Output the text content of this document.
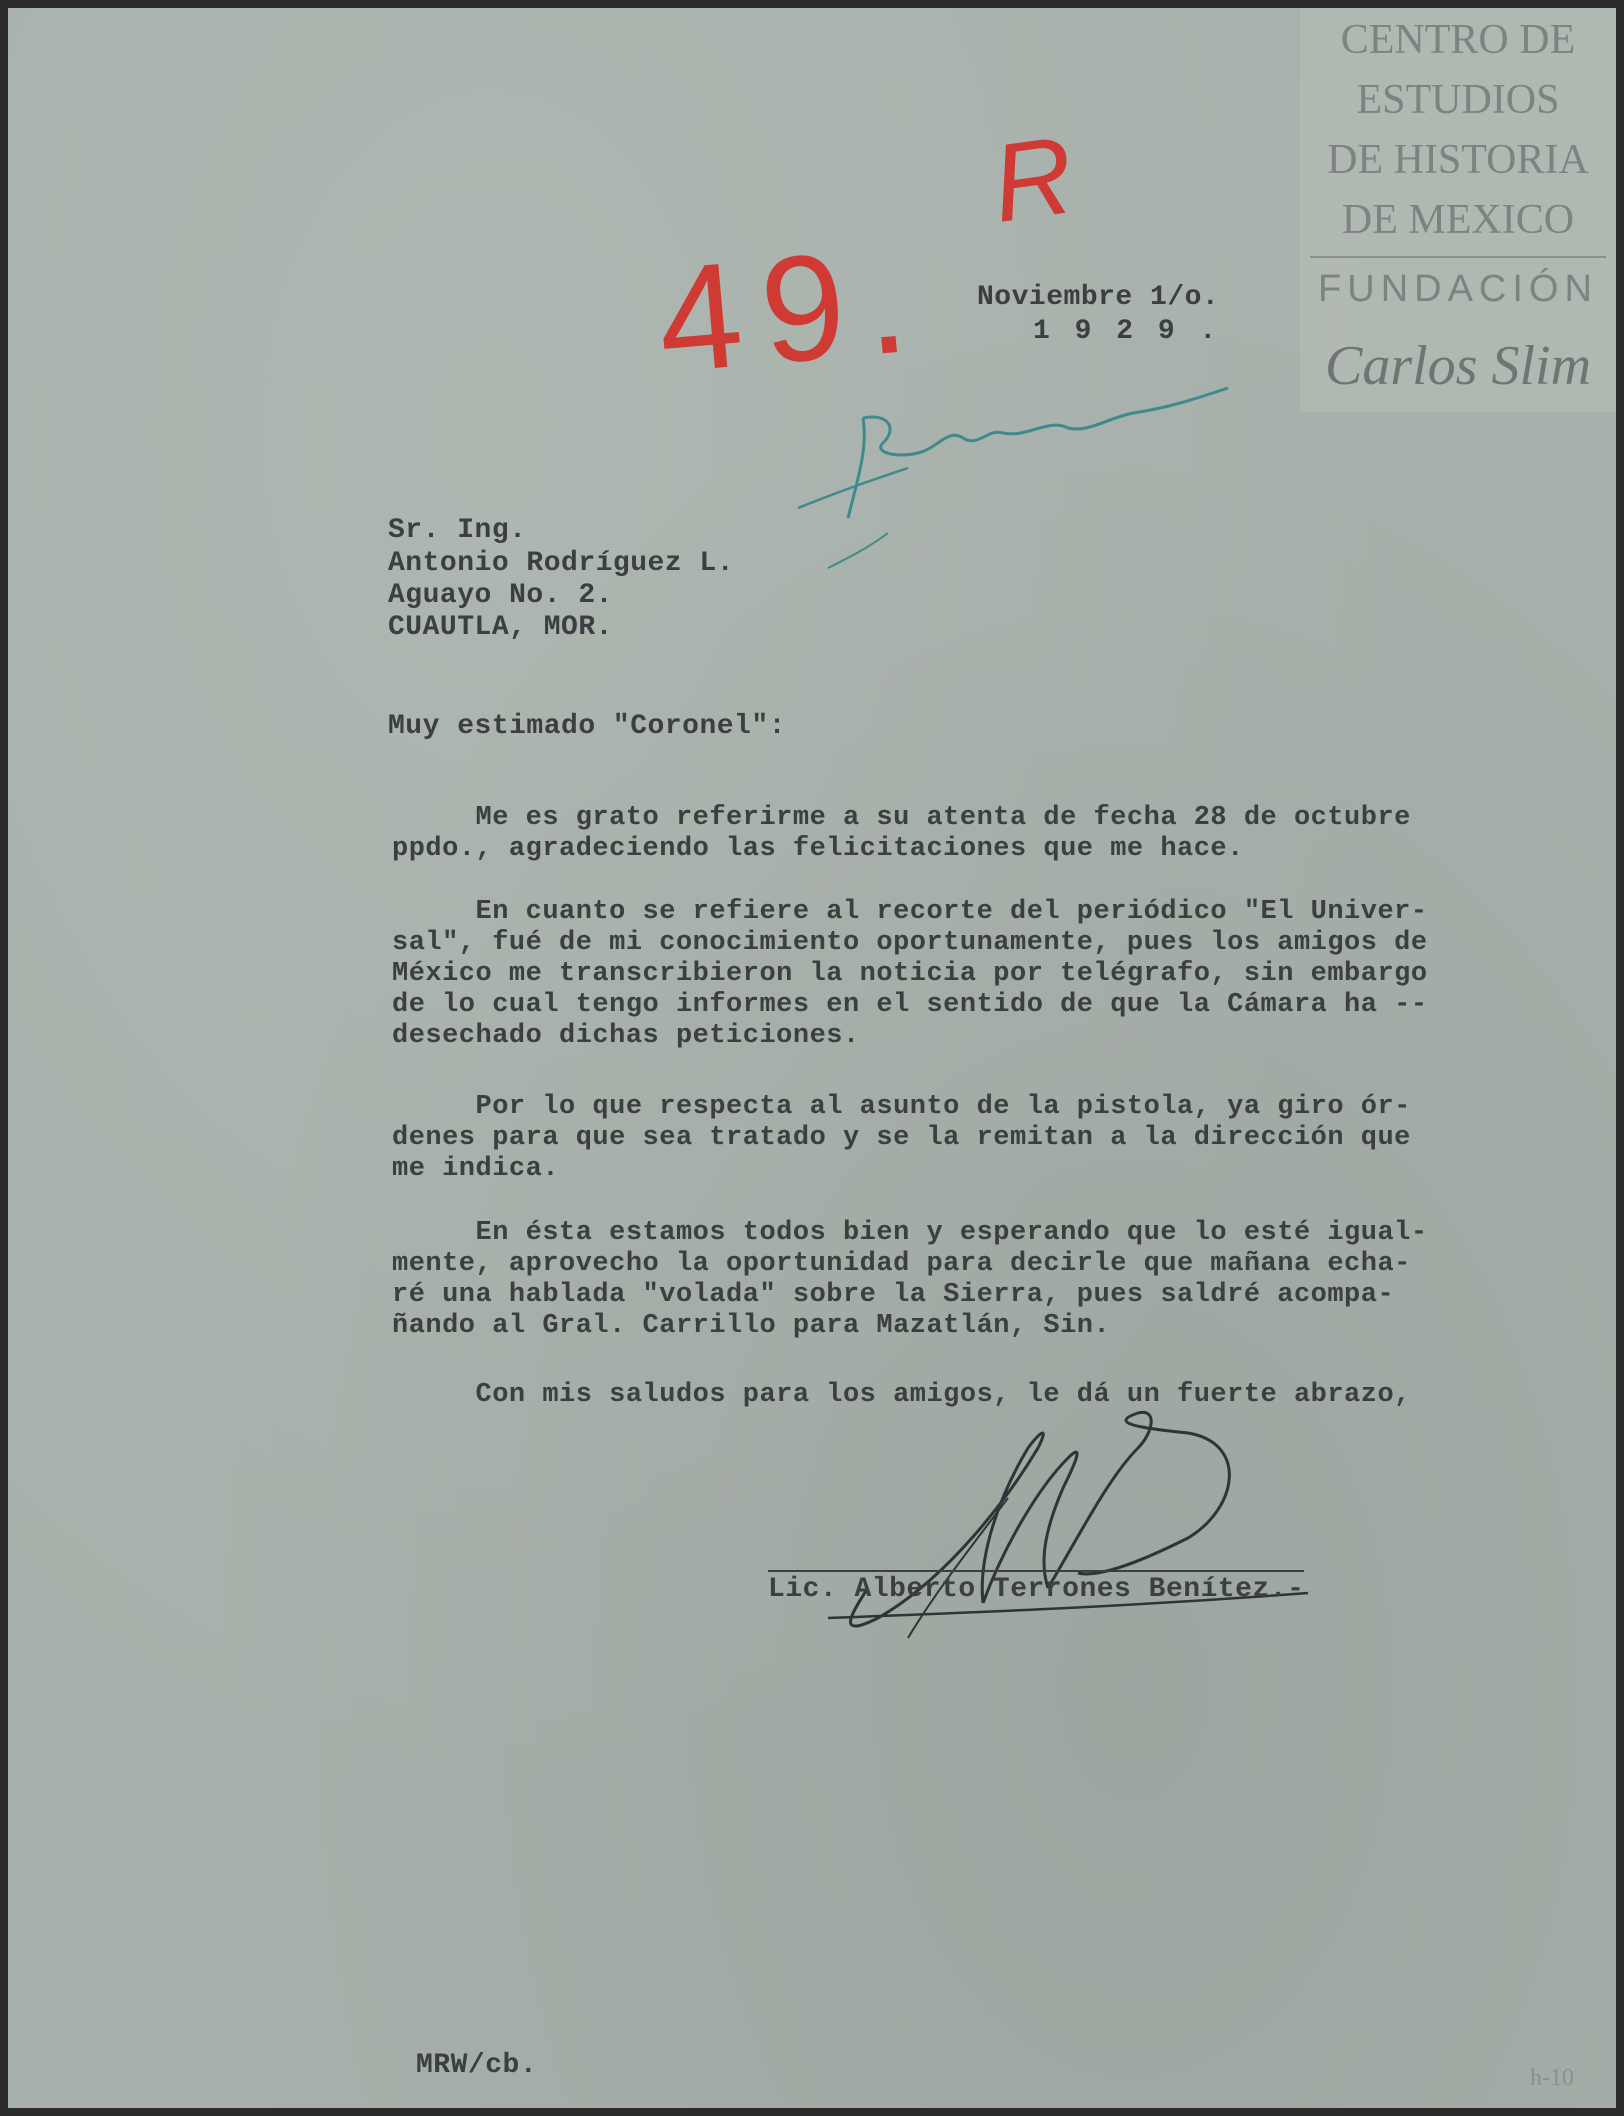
CENTRO DE
ESTUDIOS
DE HISTORIA
DE MEXICO
FUNDACIÓN
Carlos Slim
49.
R
Noviembre 1/o.
1 9 2 9 .
Sr. Ing.
Antonio Rodríguez L.
Aguayo No. 2.
CUAUTLA, MOR.
Muy estimado "Coronel":
Me es grato referirme a su atenta de fecha 28 de octubre
ppdo., agradeciendo las felicitaciones que me hace.
En cuanto se refiere al recorte del periódico "El Univer-
sal", fué de mi conocimiento oportunamente, pues los amigos de
México me transcribieron la noticia por telégrafo, sin embargo
de lo cual tengo informes en el sentido de que la Cámara ha --
desechado dichas peticiones.
Por lo que respecta al asunto de la pistola, ya giro ór-
denes para que sea tratado y se la remitan a la dirección que
me indica.
En ésta estamos todos bien y esperando que lo esté igual-
mente, aprovecho la oportunidad para decirle que mañana echa-
ré una hablada "volada" sobre la Sierra, pues saldré acompa-
ñando al Gral. Carrillo para Mazatlán, Sin.
Con mis saludos para los amigos, le dá un fuerte abrazo,
Lic. Alberto Terrones Benítez.-
MRW/cb.	h-10
